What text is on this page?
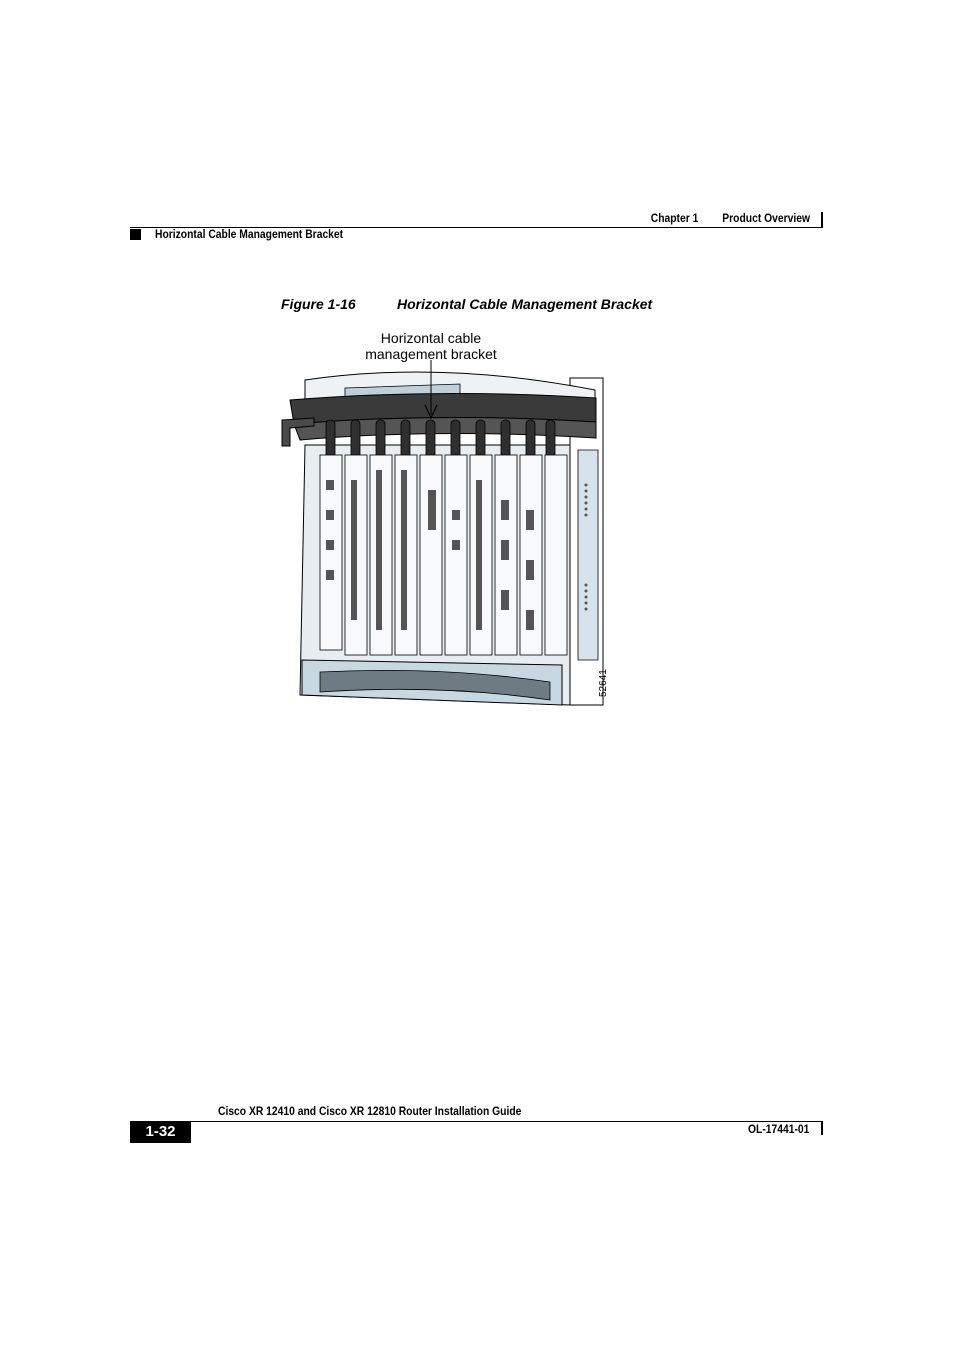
Chapter 1 Product Overview
Horizontal Cable Management Bracket
Figure 1-16	Horizontal Cable Management Bracket
Horizontal cable
management bracket
52641
Cisco XR 12410 and Cisco XR 12810 Router Installation Guide
1-32	OL-17441-01
